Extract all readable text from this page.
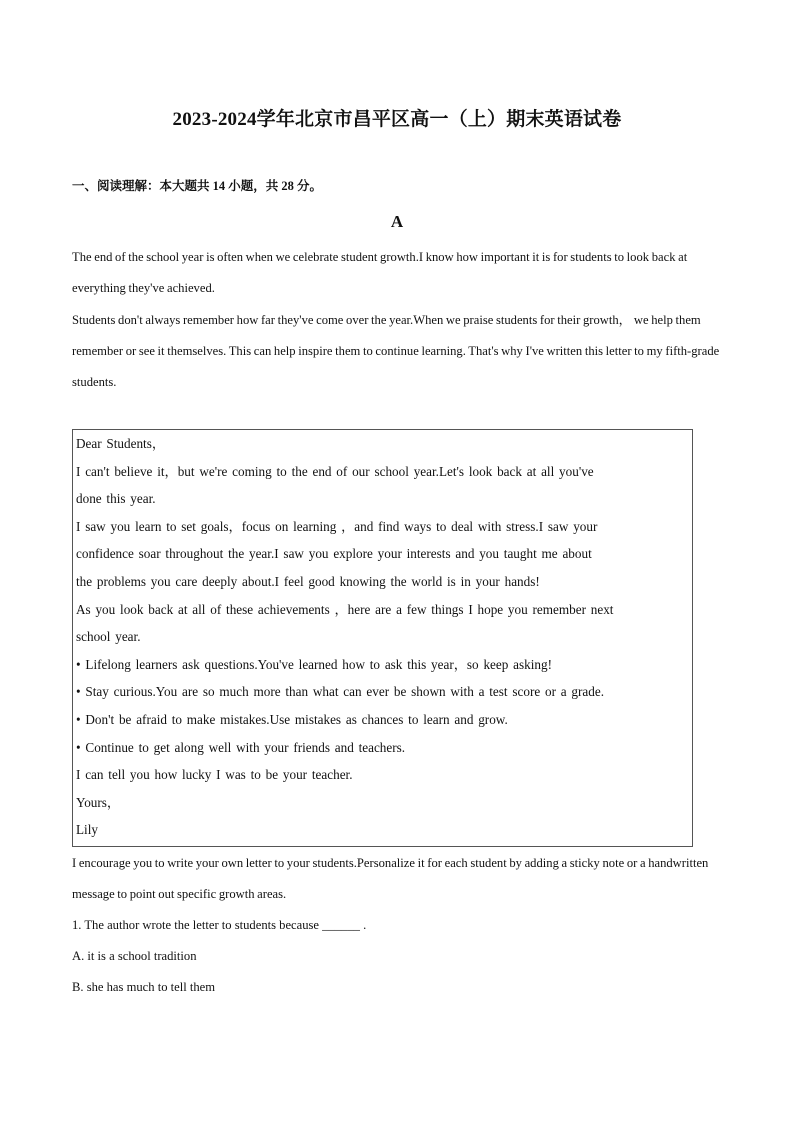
2023-2024学年北京市昌平区高一（上）期末英语试卷
一、阅读理解：本大题共 14 小题，共 28 分。
A
The end of the school year is often when we celebrate student growth.I know how important it is for students to look back at everything they've achieved.
Students don't always remember how far they've come over the year.When we praise students for their growth， we help them remember or see it themselves. This can help inspire them to continue learning. That's why I've written this letter to my fifth-grade students.
Dear Students，
I can't believe it，but we're coming to the end of our school year.Let's look back at all you've
done this year.
I saw you learn to set goals，focus on learning ，and find ways to deal with stress.I saw your
confidence soar throughout the year.I saw you explore your interests and you taught me about
the problems you care deeply about.I feel good knowing the world is in your hands!
As you look back at all of these achievements ，here are a few things I hope you remember next
school year.
• Lifelong learners ask questions.You've learned how to ask this year，so keep asking!
• Stay curious.You are so much more than what can ever be shown with a test score or a grade.
• Don't be afraid to make mistakes.Use mistakes as chances to learn and grow.
• Continue to get along well with your friends and teachers.
I can tell you how lucky I was to be your teacher.
Yours，
Lily
I encourage you to write your own letter to your students.Personalize it for each student by adding a sticky note or a handwritten message to point out specific growth areas.
1. The author wrote the letter to students because ______ .
A. it is a school tradition
B. she has much to tell them
